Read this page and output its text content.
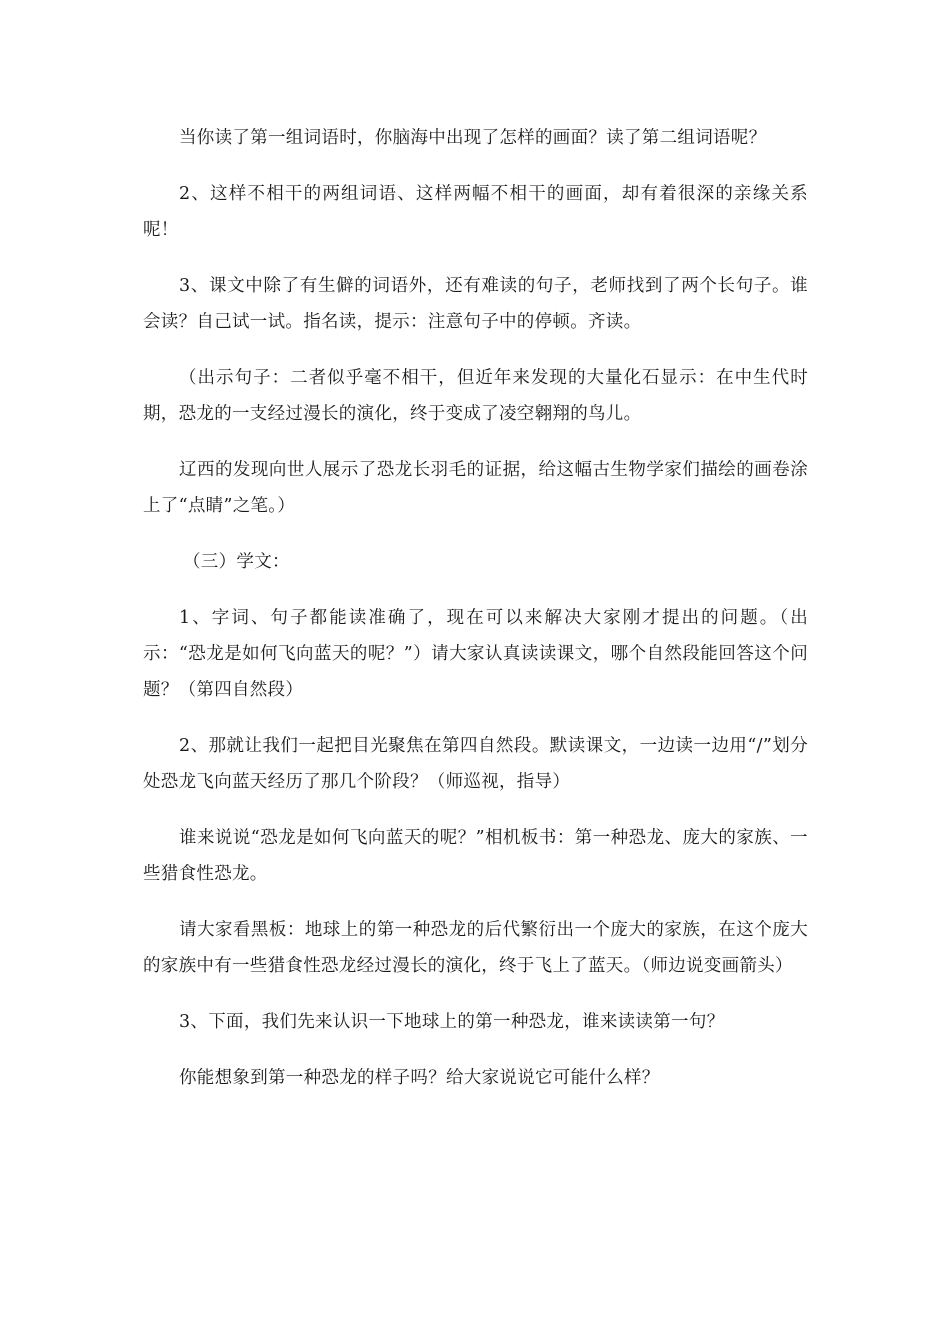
当你读了第一组词语时，你脑海中出现了怎样的画面？读了第二组词语呢？

2、这样不相干的两组词语、这样两幅不相干的画面，却有着很深的亲缘关系呢！

3、课文中除了有生僻的词语外，还有难读的句子，老师找到了两个长句子。谁会读？自己试一试。指名读，提示：注意句子中的停顿。齐读。

（出示句子：二者似乎毫不相干，但近年来发现的大量化石显示：在中生代时期，恐龙的一支经过漫长的演化，终于变成了凌空翱翔的鸟儿。

辽西的发现向世人展示了恐龙长羽毛的证据，给这幅古生物学家们描绘的画卷涂上了“点睛”之笔。）

（三）学文：

1、字词、句子都能读准确了，现在可以来解决大家刚才提出的问题。（出示：“恐龙是如何飞向蓝天的呢？”）请大家认真读读课文，哪个自然段能回答这个问题？（第四自然段）

2、那就让我们一起把目光聚焦在第四自然段。默读课文，一边读一边用“/”划分处恐龙飞向蓝天经历了那几个阶段？（师巡视，指导）

谁来说说“恐龙是如何飞向蓝天的呢？”相机板书：第一种恐龙、庞大的家族、一些猎食性恐龙。

请大家看黑板：地球上的第一种恐龙的后代繁衍出一个庞大的家族，在这个庞大的家族中有一些猎食性恐龙经过漫长的演化，终于飞上了蓝天。（师边说变画箭头）

3、下面，我们先来认识一下地球上的第一种恐龙，谁来读读第一句？

你能想象到第一种恐龙的样子吗？给大家说说它可能什么样？
